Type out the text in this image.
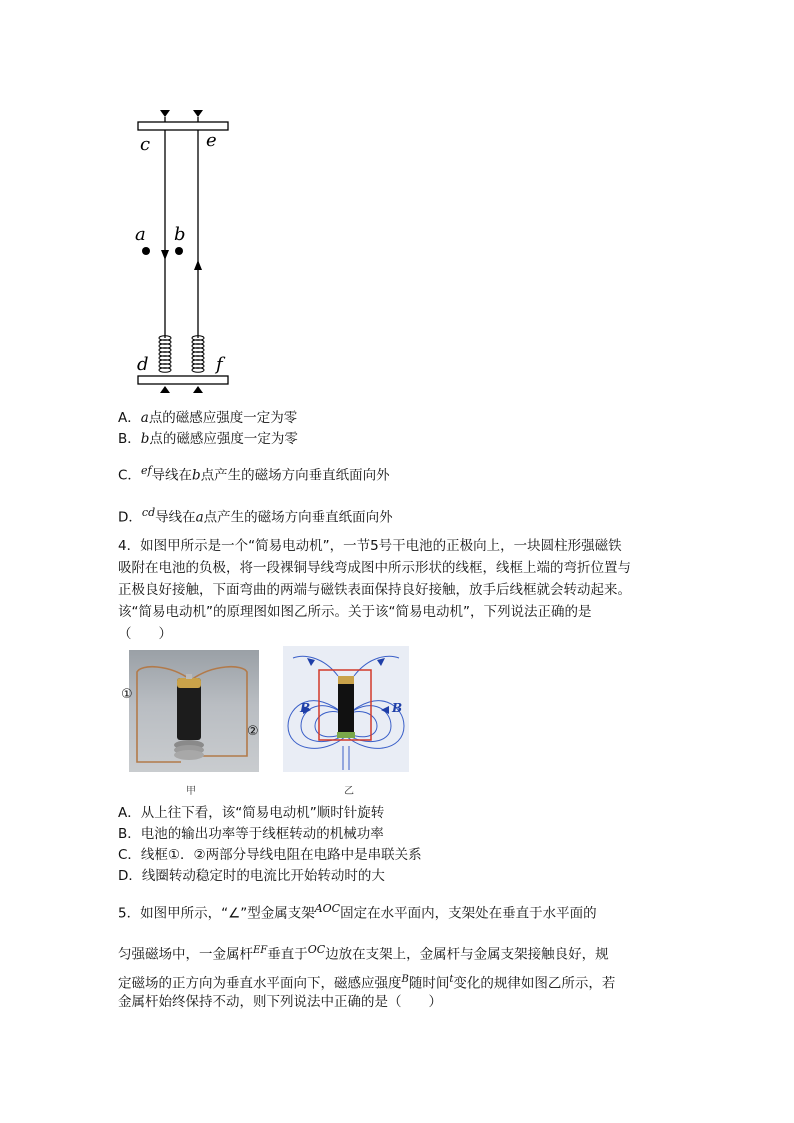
c	e
a b
d	f
A．a点的磁感应强度一定为零
B．b点的磁感应强度一定为零
C．$^{ef}$导线在b点产生的磁场方向垂直纸面向外
D．$^{cd}$导线在a点产生的磁场方向垂直纸面向外
4．如图甲所示是一个“简易电动机”，一节5号干电池的正极向上，一块圆柱形强磁铁
吸附在电池的负极，将一段裸铜导线弯成图中所示形状的线框，线框上端的弯折位置与
正极良好接触，下面弯曲的两端与磁铁表面保持良好接触，放手后线框就会转动起来。
该“简易电动机”的原理图如图乙所示。关于该“简易电动机”，下列说法正确的是
（　　）
①
②
甲
B	B
乙
A．从上往下看，该“简易电动机”顺时针旋转
B．电池的输出功率等于线框转动的机械功率
C．线框①．②两部分导线电阻在电路中是串联关系
D．线圈转动稳定时的电流比开始转动时的大
5．如图甲所示，“∠”型金属支架$^{AOC}$固定在水平面内，支架处在垂直于水平面的
匀强磁场中，一金属杆$^{EF}$垂直于$^{OC}$边放在支架上，金属杆与金属支架接触良好，规
定磁场的正方向为垂直水平面向下，磁感应强度$^B$随时间$^t$变化的规律如图乙所示，若
金属杆始终保持不动，则下列说法中正确的是（　　）
